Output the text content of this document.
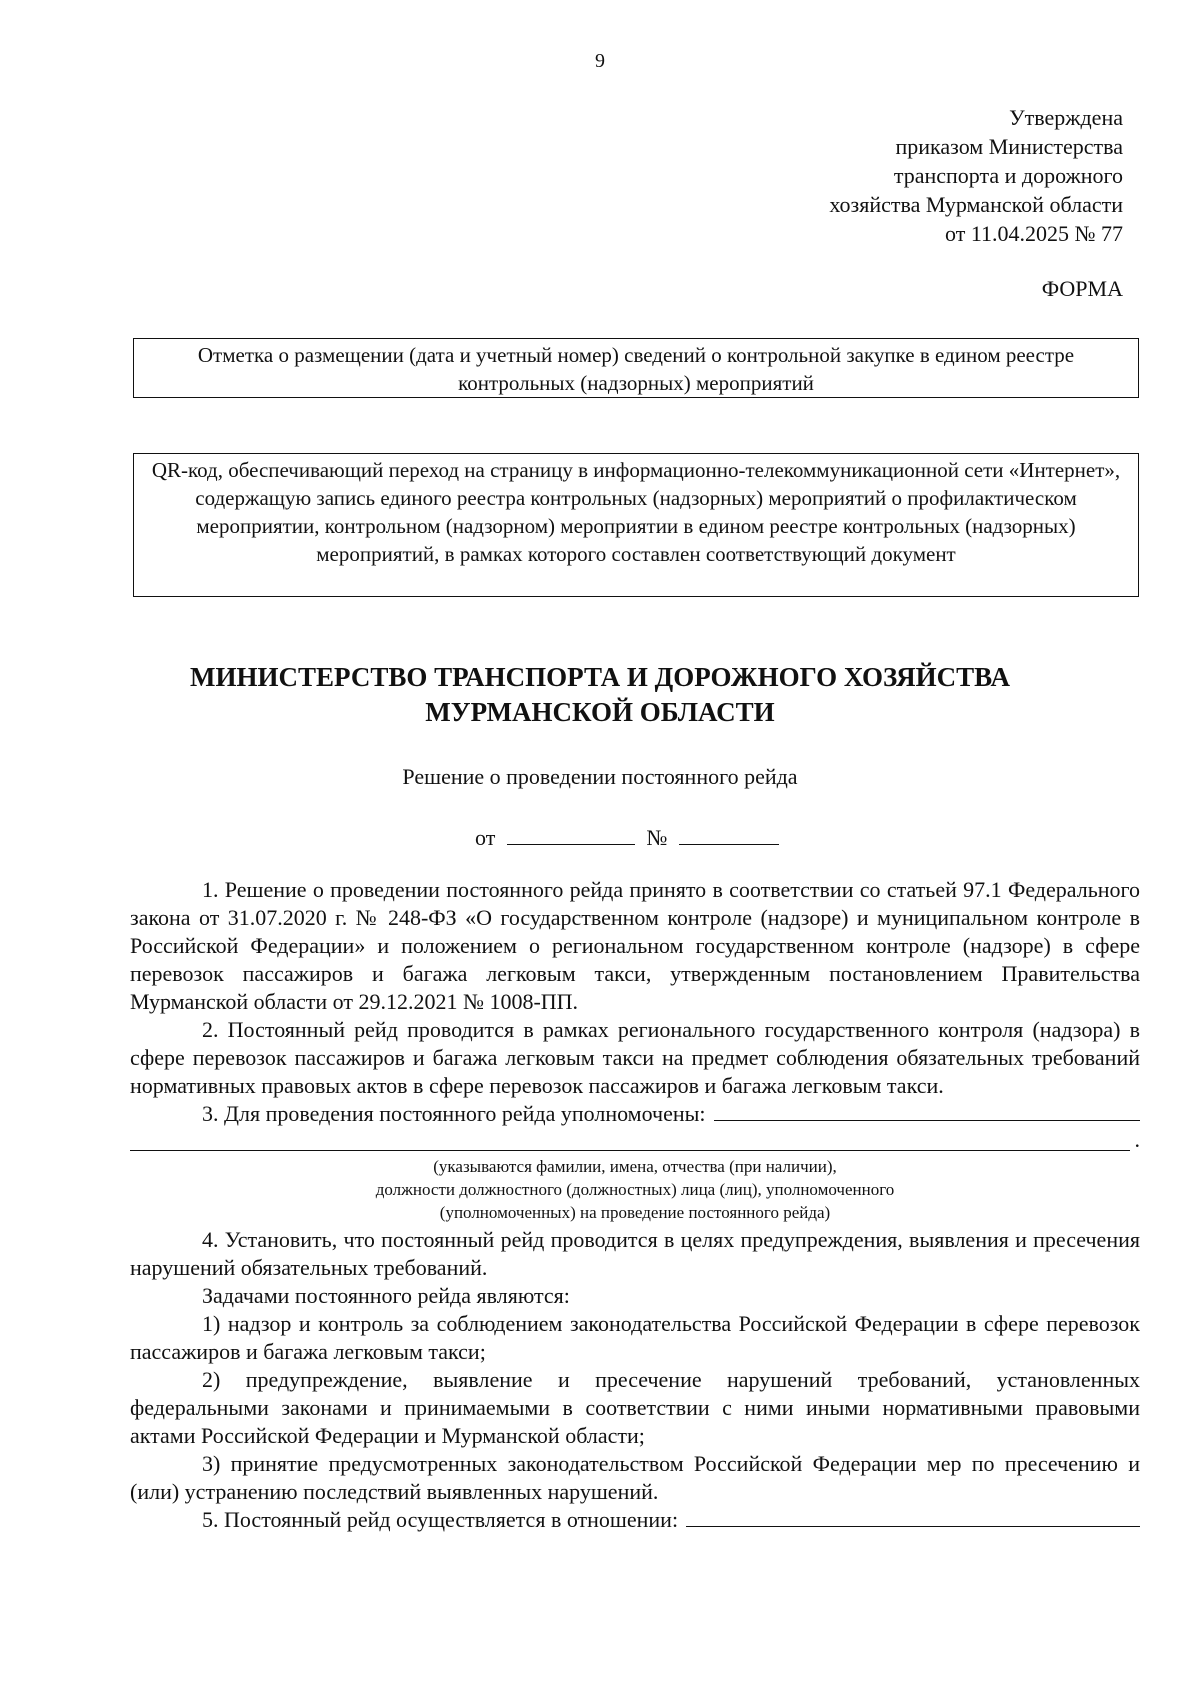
9
Утверждена
приказом Министерства
транспорта и дорожного
хозяйства Мурманской области
от 11.04.2025 № 77
ФОРМА
Отметка о размещении (дата и учетный номер) сведений о контрольной закупке в едином реестре контрольных (надзорных) мероприятий
QR-код, обеспечивающий переход на страницу в информационно-телекоммуникационной сети «Интернет», содержащую запись единого реестра контрольных (надзорных) мероприятий о профилактическом мероприятии, контрольном (надзорном) мероприятии в едином реестре контрольных (надзорных) мероприятий, в рамках которого составлен соответствующий документ
МИНИСТЕРСТВО ТРАНСПОРТА И ДОРОЖНОГО ХОЗЯЙСТВА
МУРМАНСКОЙ ОБЛАСТИ
Решение о проведении постоянного рейда
от	№

1. Решение о проведении постоянного рейда принято в соответствии со статьей 97.1 Федерального закона от 31.07.2020 г. № 248-ФЗ «О государственном контроле (надзоре) и муниципальном контроле в Российской Федерации» и положением о региональном государственном контроле (надзоре) в сфере перевозок пассажиров и багажа легковым такси, утвержденным постановлением Правительства Мурманской области от 29.12.2021 № 1008-ПП.

2. Постоянный рейд проводится в рамках регионального государственного контроля (надзора) в сфере перевозок пассажиров и багажа легковым такси на предмет соблюдения обязательных требований нормативных правовых актов в сфере перевозок пассажиров и багажа легковым такси.

3. Для проведения постоянного рейда уполномочены:
.
(указываются фамилии, имена, отчества (при наличии),
должности должностного (должностных) лица (лиц), уполномоченного
(уполномоченных) на проведение постоянного рейда)

4. Установить, что постоянный рейд проводится в целях предупреждения, выявления и пресечения нарушений обязательных требований.

Задачами постоянного рейда являются:

1) надзор и контроль за соблюдением законодательства Российской Федерации в сфере перевозок пассажиров и багажа легковым такси;

2) предупреждение, выявление и пресечение нарушений требований, установленных федеральными законами и принимаемыми в соответствии с ними иными нормативными правовыми актами Российской Федерации и Мурманской области;

3) принятие предусмотренных законодательством Российской Федерации мер по пресечению и (или) устранению последствий выявленных нарушений.

5. Постоянный рейд осуществляется в отношении:
